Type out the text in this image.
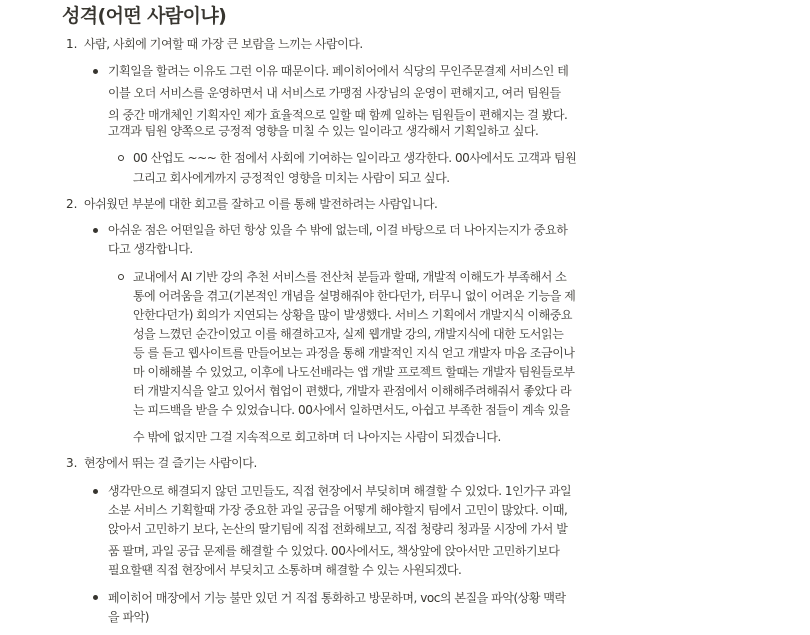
성격(어떤 사람이냐)
1. 사람, 사회에 기여할 때 가장 큰 보람을 느끼는 사람이다.
기획일을 할려는 이유도 그런 이유 때문이다. 페이히어에서 식당의 무인주문결제 서비스인 테
이블 오더 서비스를 운영하면서 내 서비스로 가맹점 사장님의 운영이 편해지고, 여러 팀원들
의 중간 매개체인 기획자인 제가 효율적으로 일할 때 함께 일하는 팀원들이 편해지는 걸 봤다.
고객과 팀원 양쪽으로 긍정적 영향을 미칠 수 있는 일이라고 생각해서 기획일하고 싶다.
00 산업도 ~~~ 한 점에서 사회에 기여하는 일이라고 생각한다. 00사에서도 고객과 팀원
그리고 회사에게까지 긍정적인 영향을 미치는 사람이 되고 싶다.
2. 아쉬웠던 부분에 대한 회고를 잘하고 이를 통해 발전하려는 사람입니다.
아쉬운 점은 어떤일을 하던 항상 있을 수 밖에 없는데, 이걸 바탕으로 더 나아지는지가 중요하
다고 생각합니다.
교내에서 AI 기반 강의 추천 서비스를 전산처 분들과 할때, 개발적 이해도가 부족해서 소
통에 어려움을 겪고(기본적인 개념을 설명해줘야 한다던가, 터무니 없이 어려운 기능을 제
안한다던가) 회의가 지연되는 상황을 많이 발생했다. 서비스 기획에서 개발지식 이해중요
성을 느꼈던 순간이었고 이를 해결하고자, 실제 웹개발 강의, 개발지식에 대한 도서읽는
등 를 듣고 웹사이트를 만들어보는 과정을 통해 개발적인 지식 얻고 개발자 마음 조금이나
마 이해해볼 수 있었고, 이후에 나도선배라는 앱 개발 프로젝트 할때는 개발자 팀원들로부
터 개발지식을 알고 있어서 협업이 편했다, 개발자 관점에서 이해해주려해줘서 좋았다 라
는 피드백을 받을 수 있었습니다. 00사에서 일하면서도, 아쉽고 부족한 점들이 계속 있을
수 밖에 없지만 그걸 지속적으로 회고하며 더 나아지는 사람이 되겠습니다.
3. 현장에서 뛰는 걸 즐기는 사람이다.
생각만으로 해결되지 않던 고민들도, 직접 현장에서 부딪히며 해결할 수 있었다. 1인가구 과일
소분 서비스 기획할때 가장 중요한 과일 공급을 어떻게 해야할지 팀에서 고민이 많았다. 이때,
앉아서 고민하기 보다, 논산의 딸기팀에 직접 전화해보고, 직접 청량리 청과물 시장에 가서 발
품 팔며, 과일 공급 문제를 해결할 수 있었다. 00사에서도, 책상앞에 앉아서만 고민하기보다
필요할땐 직접 현장에서 부딪치고 소통하며 해결할 수 있는 사원되겠다.
페이히어 매장에서 기능 불만 있던 거 직접 통화하고 방문하며, voc의 본질을 파악(상황 맥락
을 파악)
